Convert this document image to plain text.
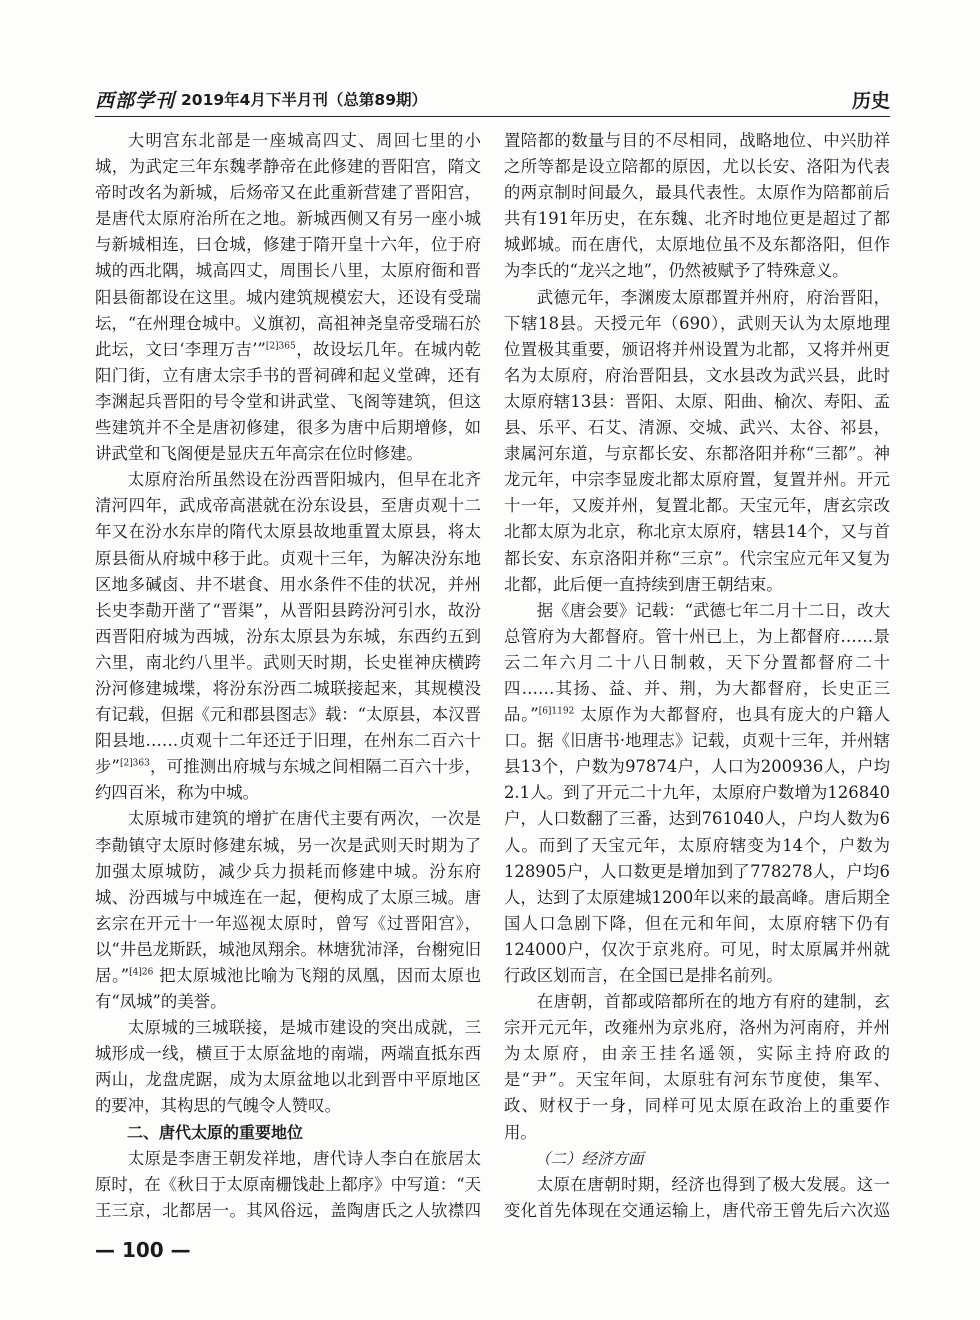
西部学刊 2019年4月下半月刊（总第89期）	历史

大明宫东北部是一座城高四丈、周回七里的小城，为武定三年东魏孝静帝在此修建的晋阳宫，隋文帝时改名为新城，后炀帝又在此重新营建了晋阳宫，是唐代太原府治所在之地。新城西侧又有另一座小城与新城相连，曰仓城，修建于隋开皇十六年，位于府城的西北隅，城高四丈，周围长八里，太原府衙和晋阳县衙都设在这里。城内建筑规模宏大，还设有受瑞坛，“在州理仓城中。义旗初，高祖神尧皇帝受瑞石於此坛，文曰‘李理万吉’”$^{[2]365}$，故设坛几年。在城内乾阳门街，立有唐太宗手书的晋祠碑和起义堂碑，还有李渊起兵晋阳的号令堂和讲武堂、飞阁等建筑，但这些建筑并不全是唐初修建，很多为唐中后期增修，如讲武堂和飞阁便是显庆五年高宗在位时修建。

太原府治所虽然设在汾西晋阳城内，但早在北齐清河四年，武成帝高湛就在汾东设县，至唐贞观十二年又在汾水东岸的隋代太原县故地重置太原县，将太原县衙从府城中移于此。贞观十三年，为解决汾东地区地多碱卤、井不堪食、用水条件不佳的状况，并州长史李勣开凿了“晋渠”，从晋阳县跨汾河引水，故汾西晋阳府城为西城，汾东太原县为东城，东西约五到六里，南北约八里半。武则天时期，长史崔神庆横跨汾河修建城堞，将汾东汾西二城联接起来，其规模没有记载，但据《元和郡县图志》载：“太原县，本汉晋阳县地……贞观十二年还迁于旧理，在州东二百六十步”$^{[2]363}$，可推测出府城与东城之间相隔二百六十步，约四百米，称为中城。

太原城市建筑的增扩在唐代主要有两次，一次是李勣镇守太原时修建东城，另一次是武则天时期为了加强太原城防，减少兵力损耗而修建中城。汾东府城、汾西城与中城连在一起，便构成了太原三城。唐玄宗在开元十一年巡视太原时，曾写《过晋阳宫》，以“井邑龙斯跃，城池凤翔余。林塘犹沛泽，台榭宛旧居。”$^{[4]26}$ 把太原城池比喻为飞翔的凤凰，因而太原也有“凤城”的美誉。

太原城的三城联接，是城市建设的突出成就，三城形成一线，横亘于太原盆地的南端，两端直抵东西两山，龙盘虎踞，成为太原盆地以北到晋中平原地区的要冲，其构思的气魄令人赞叹。

二、唐代太原的重要地位

太原是李唐王朝发祥地，唐代诗人李白在旅居太原时，在《秋日于太原南栅饯赴上都序》中写道：“天王三京，北都居一。其风俗远，盖陶唐氏之人欤襟四

置陪都的数量与目的不尽相同，战略地位、中兴肋祥之所等都是设立陪都的原因，尤以长安、洛阳为代表的两京制时间最久，最具代表性。太原作为陪都前后共有191年历史，在东魏、北齐时地位更是超过了都城邺城。而在唐代，太原地位虽不及东都洛阳，但作为李氏的“龙兴之地”，仍然被赋予了特殊意义。

武德元年，李渊废太原郡置并州府，府治晋阳，下辖18县。天授元年（690），武则天认为太原地理位置极其重要，颁诏将并州设置为北都，又将并州更名为太原府，府治晋阳县，文水县改为武兴县，此时太原府辖13县：晋阳、太原、阳曲、榆次、寿阳、孟县、乐平、石艾、清源、交城、武兴、太谷、祁县，隶属河东道，与京都长安、东都洛阳并称“三都”。神龙元年，中宗李显废北都太原府置，复置并州。开元十一年，又废并州，复置北都。天宝元年，唐玄宗改北都太原为北京，称北京太原府，辖县14个，又与首都长安、东京洛阳并称“三京”。代宗宝应元年又复为北都，此后便一直持续到唐王朝结束。

据《唐会要》记载：“武德七年二月十二日，改大总管府为大都督府。管十州已上，为上都督府……景云二年六月二十八日制敕，天下分置都督府二十四……其扬、益、并、荆，为大都督府，长史正三品。”$^{[6]1192}$ 太原作为大都督府，也具有庞大的户籍人口。据《旧唐书·地理志》记载，贞观十三年，并州辖县13个，户数为97874户，人口为200936人，户均2.1人。到了开元二十九年，太原府户数增为126840户，人口数翻了三番，达到761040人，户均人数为6人。而到了天宝元年，太原府辖变为14个，户数为128905户，人口数更是增加到了778278人，户均6人，达到了太原建城1200年以来的最高峰。唐后期全国人口急剧下降，但在元和年间，太原府辖下仍有124000户，仅次于京兆府。可见，时太原属并州就行政区划而言，在全国已是排名前列。

在唐朝，首都或陪都所在的地方有府的建制，玄宗开元元年，改雍州为京兆府，洛州为河南府，并州为太原府，由亲王挂名遥领，实际主持府政的是“尹”。天宝年间，太原驻有河东节度使，集军、政、财权于一身，同样可见太原在政治上的重要作用。

（二）经济方面

太原在唐朝时期，经济也得到了极大发展。这一变化首先体现在交通运输上，唐代帝王曾先后六次巡

— 100 —
